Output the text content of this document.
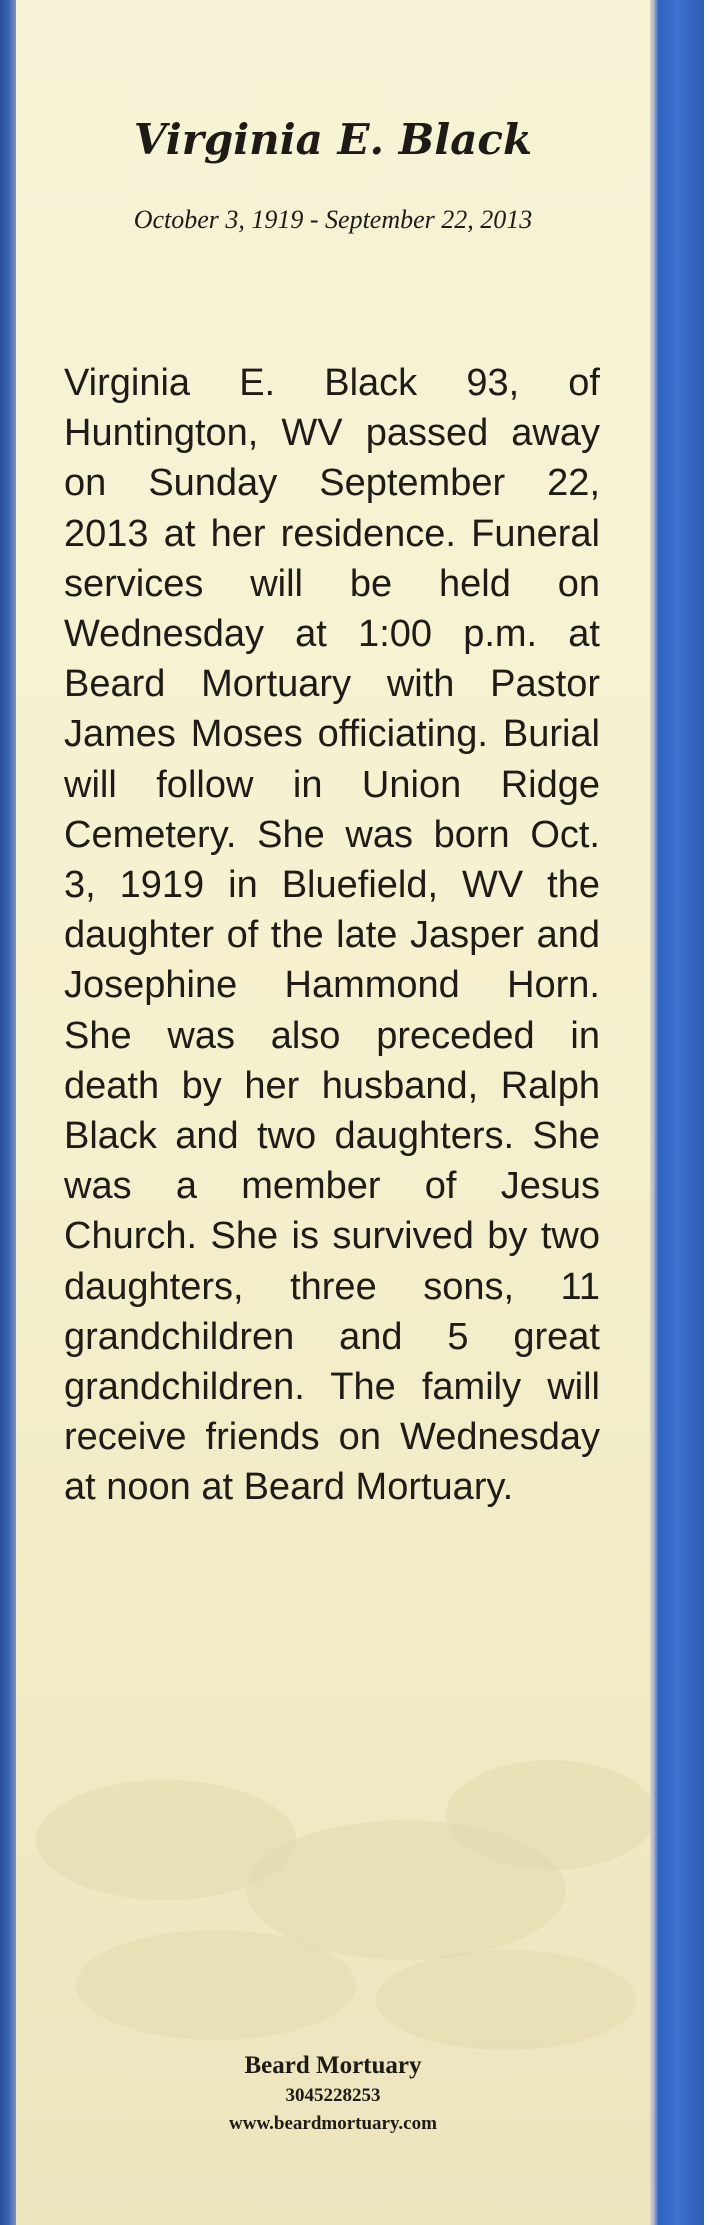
Virginia E. Black

October 3, 1919 - September 22, 2013

Virginia E. Black 93, of Huntington, WV passed away on Sunday September 22, 2013 at her residence. Funeral services will be held on Wednesday at 1:00 p.m. at Beard Mortuary with Pastor James Moses officiating. Burial will follow in Union Ridge Cemetery. She was born Oct. 3, 1919 in Bluefield, WV the daughter of the late Jasper and Josephine Hammond Horn. She was also preceded in death by her husband, Ralph Black and two daughters. She was a member of Jesus Church. She is survived by two daughters, three sons, 11 grandchildren and 5 great grandchildren. The family will receive friends on Wednesday at noon at Beard Mortuary.

Beard Mortuary
3045228253
www.beardmortuary.com
